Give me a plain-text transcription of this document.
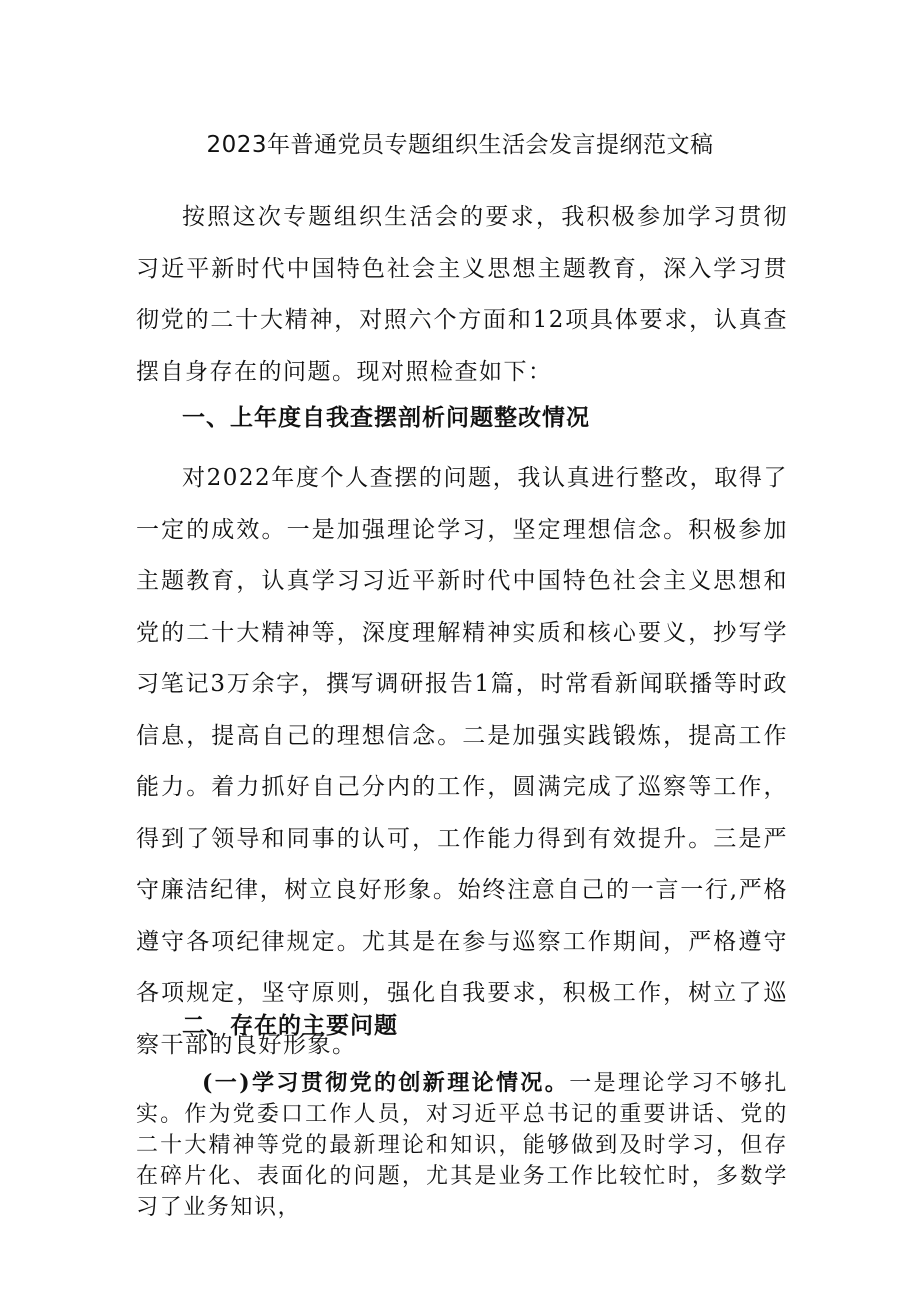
2023年普通党员专题组织生活会发言提纲范文稿

按照这次专题组织生活会的要求，我积极参加学习贯彻习近平新时代中国特色社会主义思想主题教育，深入学习贯彻党的二十大精神，对照六个方面和12项具体要求，认真查摆自身存在的问题。现对照检查如下：

一、上年度自我查摆剖析问题整改情况

对2022年度个人查摆的问题，我认真进行整改，取得了一定的成效。一是加强理论学习，坚定理想信念。积极参加主题教育，认真学习习近平新时代中国特色社会主义思想和党的二十大精神等，深度理解精神实质和核心要义，抄写学习笔记3万余字，撰写调研报告1篇，时常看新闻联播等时政信息，提高自己的理想信念。二是加强实践锻炼，提高工作能力。着力抓好自己分内的工作，圆满完成了巡察等工作，得到了领导和同事的认可，工作能力得到有效提升。三是严守廉洁纪律，树立良好形象。始终注意自己的一言一行,严格遵守各项纪律规定。尤其是在参与巡察工作期间，严格遵守各项规定，坚守原则，强化自我要求，积极工作，树立了巡察干部的良好形象。

二、存在的主要问题

(一)学习贯彻党的创新理论情况。一是理论学习不够扎实。作为党委口工作人员，对习近平总书记的重要讲话、党的二十大精神等党的最新理论和知识，能够做到及时学习，但存在碎片化、表面化的问题，尤其是业务工作比较忙时，多数学习了业务知识，
